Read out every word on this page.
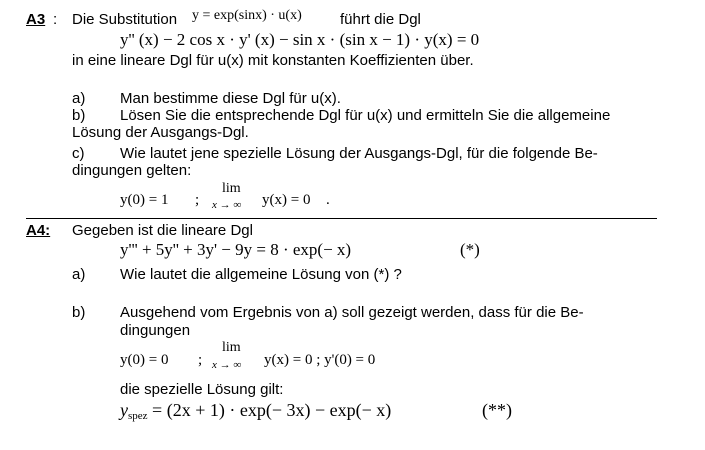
A3 : Die Substitution y = exp(sinx) · u(x)	führt die Dgl
y'' (x) − 2 cos x · y' (x) − sin x · (sin x − 1) · y(x) = 0
in eine lineare Dgl für u(x) mit konstanten Koeffizienten über.
a) Man bestimme diese Dgl für u(x).
b) Lösen Sie die entsprechende Dgl für u(x) und ermitteln Sie die allgemeine
Lösung der Ausgangs-Dgl.
c) Wie lautet jene spezielle Lösung der Ausgangs-Dgl, für die folgende Be-
dingungen gelten:
y(0) = 1 ;
lim
x → ∞ y(x) = 0 .
A4: Gegeben ist die lineare Dgl
y''' + 5y'' + 3y' − 9y = 8 · exp(− x)	(*)
a) Wie lautet die allgemeine Lösung von (*) ?
b) Ausgehend vom Ergebnis von a) soll gezeigt werden, dass für die Be-
dingungen
y(0) = 0 ;
lim
x → ∞ y(x) = 0 ; y'(0) = 0
die spezielle Lösung gilt:
$y_{spez} = (2x + 1) \cdot \exp(- 3x) - \exp(- x)$	(**)
